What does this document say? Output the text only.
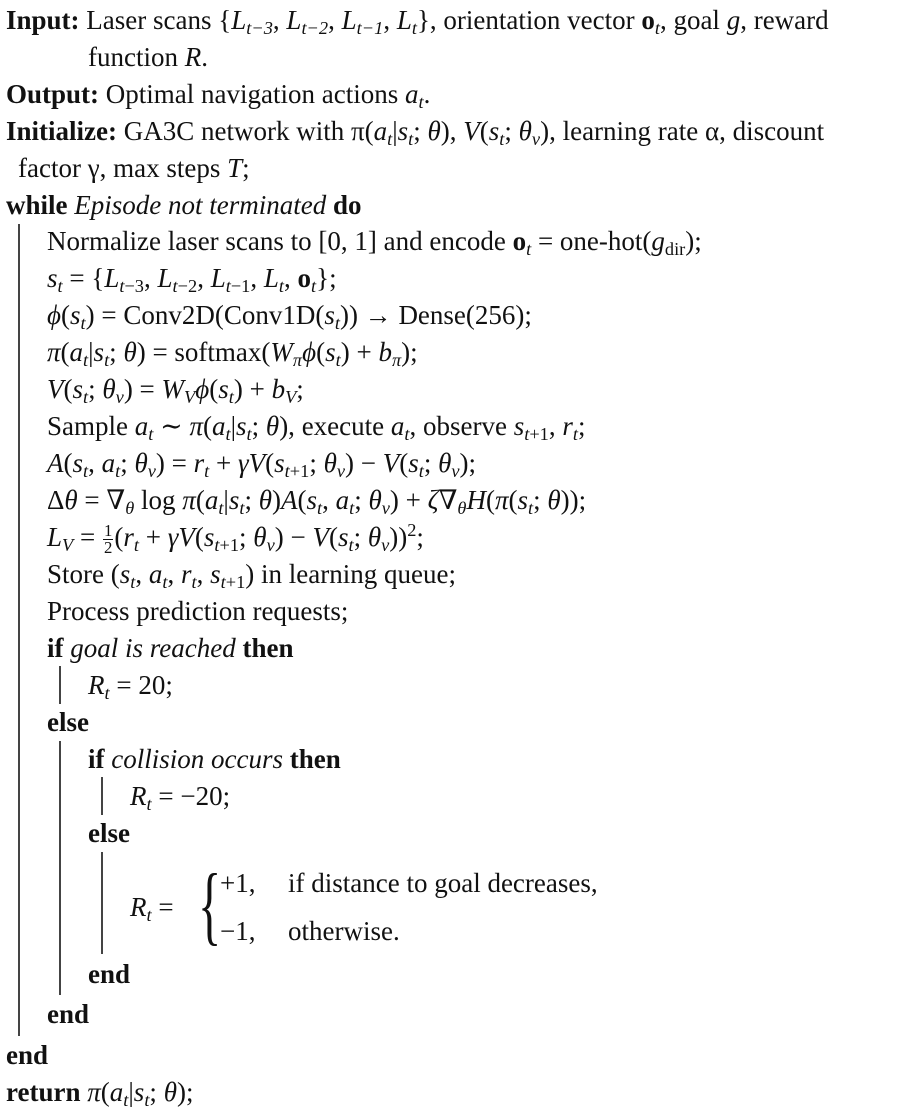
Input: Laser scans {$L_{t-3}$, $L_{t-2}$, $L_{t-1}$, $L_t$}, orientation vector $o_t$, goal g, reward
function R.
Output: Optimal navigation actions $a_t$.
Initialize: GA3C network with $\pi(a_t|s_t$; θ), $V(s_t$; $\theta_v$), learning rate α, discount
factor γ, max steps T;
while Episode not terminated do
Normalize laser scans to [0, 1] and encode $o_t = one-hot(g_{dir})$;
$s_t = \{L_{t-3}$, $L_{t-2}$, $L_{t-1}$, $L_t$, $o_t$};
$\phi(s_t)$ = $Conv2D(Conv1D(s_t))$ → Dense(256);
$\pi(a_t|s_t$; $\theta) = softmax(W_\pi\phi(s_t) + b_\pi)$;
$V(s_t$; $\theta_v) = W_V\phi(s_t) + b_V$;
Sample $a_t$ ∼ $\pi(a_t|s_t$; θ), execute $a_t$, observe $s_{t+1}$, $r_t$;
$A(s_t$, $a_t$; $\theta_v) = r_t + \gamma V(s_{t+1}$; $\theta_v) - V(s_t$; $\theta_v$);
$\Delta\theta = \nabla_\theta$ $\log \pi(a_t|s_t$; $\theta)A(s_t$, $a_t$; $\theta_v) + \zeta\nabla_\theta H(\pi(s_t$; θ));
$L_V = \frac{1}{2} (r_t + \gamma V(s_{t+1}$; $\theta_v) - V(s_t$; $\theta_v))^2$;
Store ($s_t$, $a_t$, $r_t$, $s_{t+1}$) in learning queue;
Process prediction requests;
if goal is reached then
$R_t = 20$;
else
if collision occurs then
$R_t = -20$;
else
$R_t$ = {
+1, if distance to goal decreases,
−1, otherwise.
end
end
end
return $\pi(a_t|s_t$; θ);
